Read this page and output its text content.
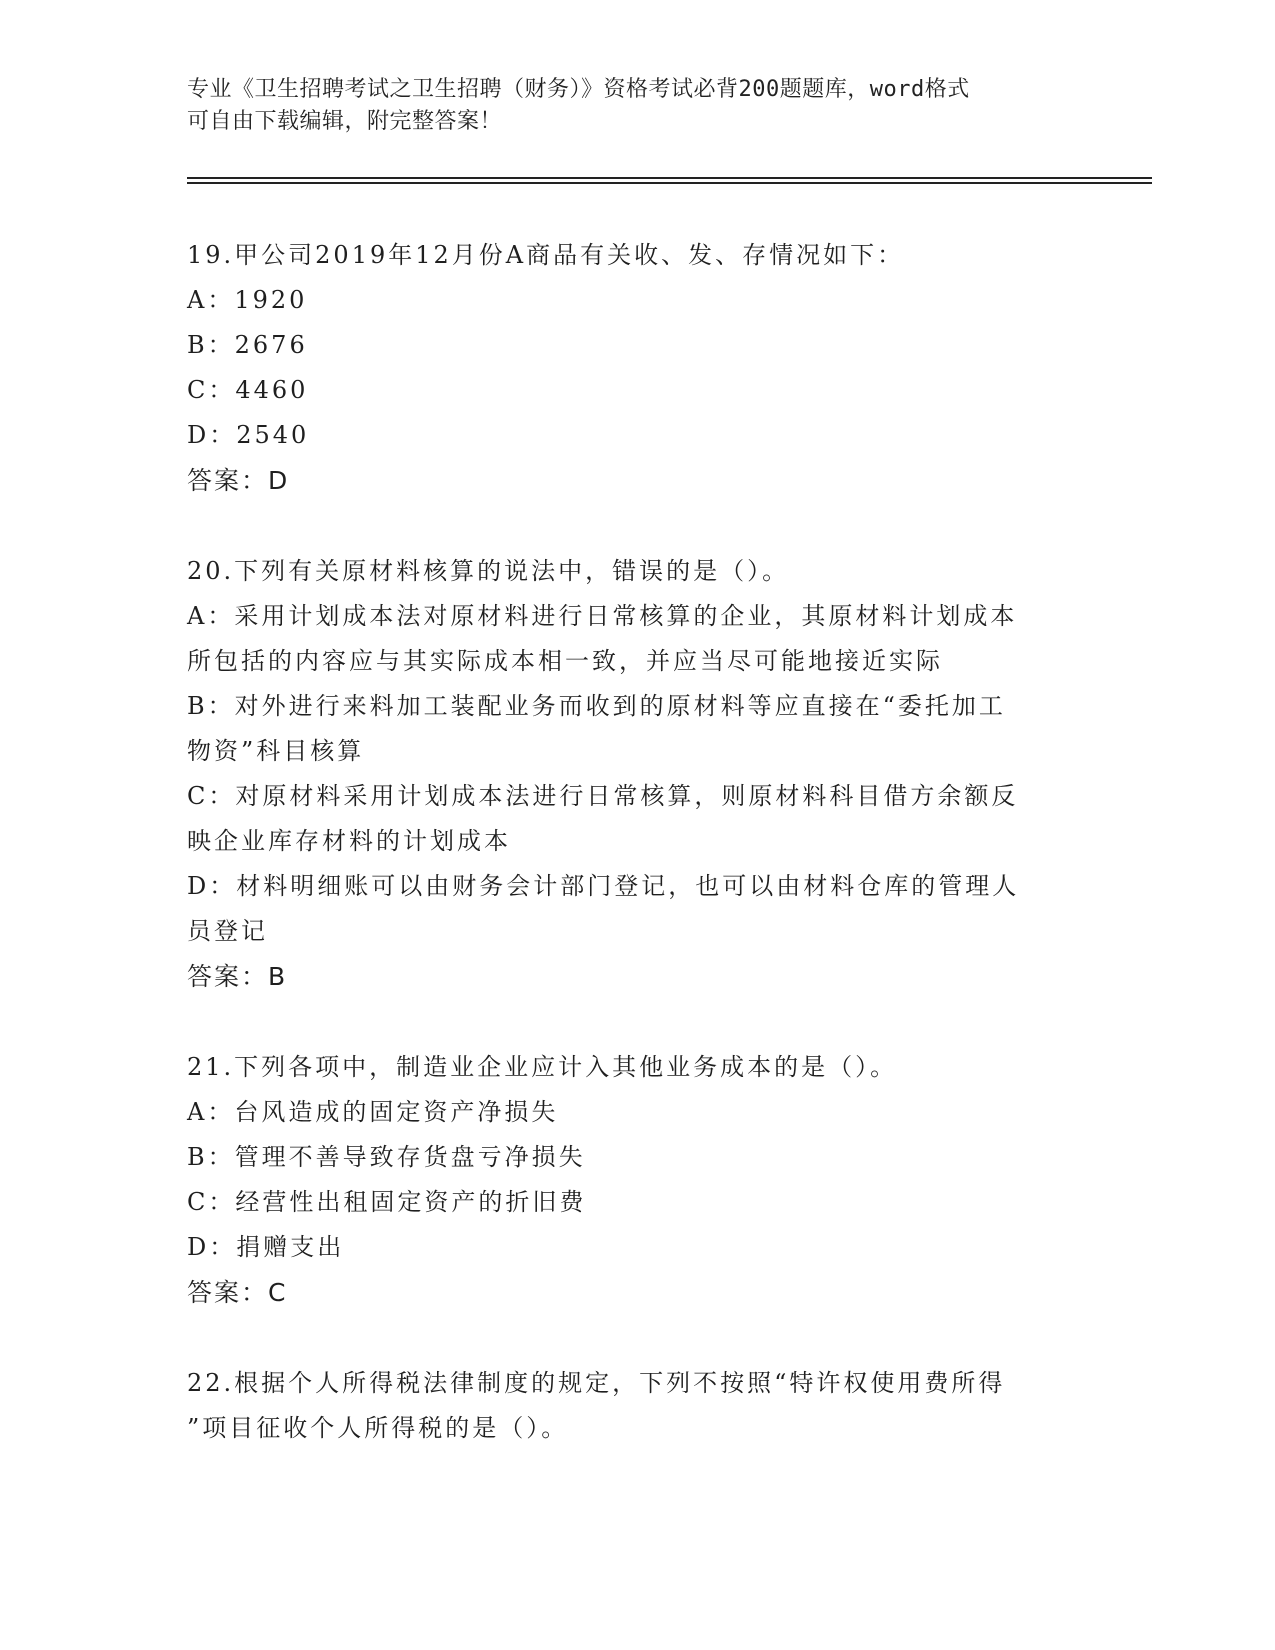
专业《卫生招聘考试之卫生招聘（财务）》资格考试必背200题题库，word格式
可自由下载编辑，附完整答案！
19.甲公司2019年12月份A商品有关收、发、存情况如下：
A：1920
B：2676
C：4460
D：2540
答案：D
20.下列有关原材料核算的说法中，错误的是（）。
A：采用计划成本法对原材料进行日常核算的企业，其原材料计划成本
所包括的内容应与其实际成本相一致，并应当尽可能地接近实际
B：对外进行来料加工装配业务而收到的原材料等应直接在“委托加工
物资”科目核算
C：对原材料采用计划成本法进行日常核算，则原材料科目借方余额反
映企业库存材料的计划成本
D：材料明细账可以由财务会计部门登记，也可以由材料仓库的管理人
员登记
答案：B
21.下列各项中，制造业企业应计入其他业务成本的是（）。
A：台风造成的固定资产净损失
B：管理不善导致存货盘亏净损失
C：经营性出租固定资产的折旧费
D：捐赠支出
答案：C
22.根据个人所得税法律制度的规定，下列不按照“特许权使用费所得
”项目征收个人所得税的是（）。
